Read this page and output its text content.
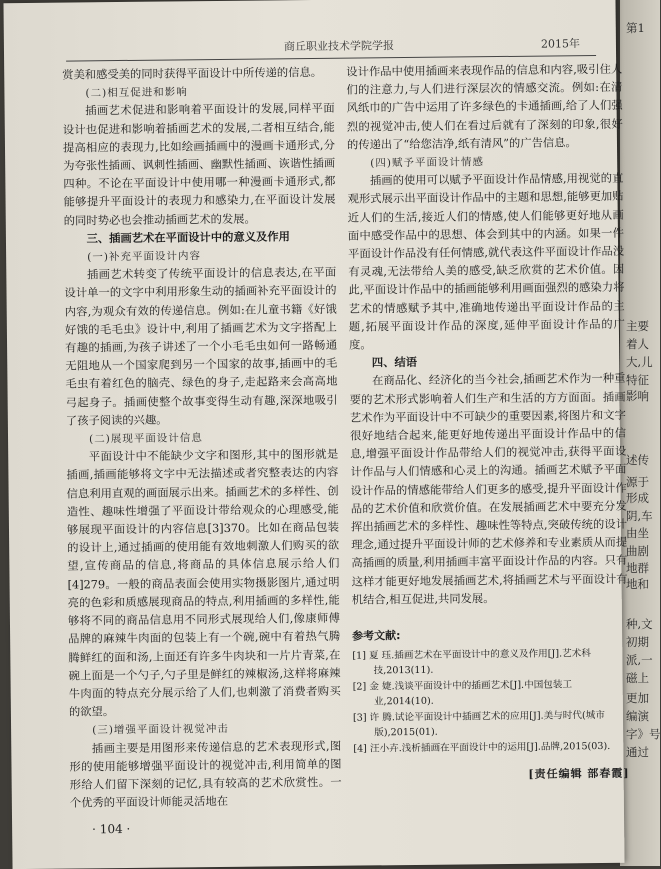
第1
主要
着人
大,儿
特征
影响
述传
源于
形成
阴,车
由坐
曲剧
地群
地和
种,文
初期
派,一
磁上
更加
编演
字》号
通过
商丘职业技术学院学报	2015年

赏美和感受美的同时获得平面设计中所传递的信息。

(二)相互促进和影响

插画艺术促进和影响着平面设计的发展,同样平面设计也促进和影响着插画艺术的发展,二者相互结合,能提高相应的表现力,比如绘画插画中的漫画卡通形式,分为夸张性插画、讽刺性插画、幽默性插画、诙谐性插画四种。不论在平面设计中使用哪一种漫画卡通形式,都能够提升平面设计的表现力和感染力,在平面设计发展的同时势必也会推动插画艺术的发展。

三、插画艺术在平面设计中的意义及作用

(一)补充平面设计内容

插画艺术转变了传统平面设计的信息表达,在平面设计单一的文字中利用形象生动的插画补充平面设计的内容,为观众有效的传递信息。例如:在儿童书籍《好饿好饿的毛毛虫》设计中,利用了插画艺术为文字搭配上有趣的插画,为孩子讲述了一个小毛毛虫如何一路畅通无阻地从一个国家爬到另一个国家的故事,插画中的毛毛虫有着红色的脑壳、绿色的身子,走起路来会高高地弓起身子。插画使整个故事变得生动有趣,深深地吸引了孩子阅读的兴趣。

(二)展现平面设计信息

平面设计中不能缺少文字和图形,其中的图形就是插画,插画能够将文字中无法描述或者究整表达的内容信息利用直观的画面展示出来。插画艺术的多样性、创造性、趣味性增强了平面设计带给观众的心理感受,能够展现平面设计的内容信息[3]370。比如在商品包装的设计上,通过插画的使用能有效地刺激人们购买的欲望,宣传商品的信息,将商品的具体信息展示给人们[4]279。一般的商品表面会使用实物摄影图片,通过明亮的色彩和质感展现商品的特点,利用插画的多样性,能够将不同的商品信息用不同形式展现给人们,像康师傅品牌的麻辣牛肉面的包装上有一个碗,碗中有着热气腾腾鲜红的面和汤,上面还有许多牛肉块和一片片青菜,在碗上面是一个勺子,勺子里是鲜红的辣椒汤,这样将麻辣牛肉面的特点充分展示给了人们,也刺激了消费者购买的欲望。

(三)增强平面设计视觉冲击

插画主要是用图形来传递信息的艺术表现形式,图形的使用能够增强平面设计的视觉冲击,利用简单的图形给人们留下深刻的记忆,具有较高的艺术欣赏性。一个优秀的平面设计师能灵活地在

设计作品中使用插画来表现作品的信息和内容,吸引住人们的注意力,与人们进行深层次的情感交流。例如:在清风纸巾的广告中运用了许多绿色的卡通插画,给了人们强烈的视觉冲击,使人们在看过后就有了深刻的印象,很好的传递出了“给您洁净,纸有清风”的广告信息。

(四)赋予平面设计情感

插画的使用可以赋予平面设计作品情感,用视觉的直观形式展示出平面设计作品中的主题和思想,能够更加贴近人们的生活,接近人们的情感,使人们能够更好地从画面中感受作品中的思想、体会到其中的内涵。如果一件平面设计作品没有任何情感,就代表这件平面设计作品没有灵魂,无法带给人美的感受,缺乏欣赏的艺术价值。因此,平面设计作品中的插画能够利用画面强烈的感染力将艺术的情感赋予其中,准确地传递出平面设计作品的主题,拓展平面设计作品的深度,延伸平面设计作品的广度。

四、结语

在商品化、经济化的当今社会,插画艺术作为一种重要的艺术形式影响着人们生产和生活的方方面面。插画艺术作为平面设计中不可缺少的重要因素,将图片和文字很好地结合起来,能更好地传递出平面设计作品中的信息,增强平面设计作品带给人们的视觉冲击,获得平面设计作品与人们情感和心灵上的沟通。插画艺术赋予平面设计作品的情感能带给人们更多的感受,提升平面设计作品的艺术价值和欣赏价值。在发展插画艺术中要充分发挥出插画艺术的多样性、趣味性等特点,突破传统的设计理念,通过提升平面设计师的艺术修养和专业素质从而提高插画的质量,利用插画丰富平面设计作品的内容。只有这样才能更好地发展插画艺术,将插画艺术与平面设计有机结合,相互促进,共同发展。

参考文献:
[1] 夏 珏.插画艺术在平面设计中的意义及作用[J].艺术科技,2013(11).
[2] 金 婕.浅谈平面设计中的插画艺术[J].中国包装工业,2014(10).
[3] 许 腾.试论平面设计中插画艺术的应用[J].美与时代(城市版),2015(01).
[4] 汪小卉.浅析插画在平面设计中的运用[J].品牌,2015(03).
[责任编辑 部春霞]
· 104 ·
